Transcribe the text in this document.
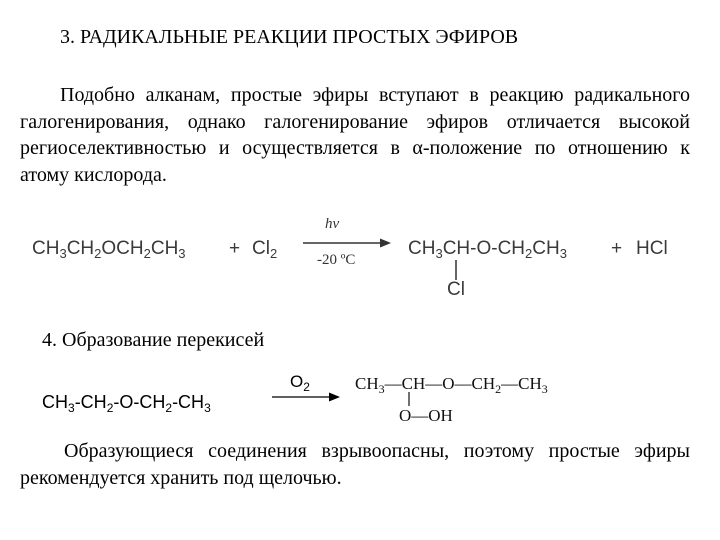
3. РАДИКАЛЬНЫЕ РЕАКЦИИ ПРОСТЫХ ЭФИРОВ

Подобно алканам, простые эфиры вступают в реакцию радикального галогенирования, однако галогенирование эфиров отличается высокой региоселективностью и осуществляется в α-положение по отношению к атому кислорода.

$CH_3CH_2OCH_2CH_3 + Cl_2$
hν
-20 ºC
$CH_3CH-O-CH_2CH_3$
Cl
+ HCl
4. Образование перекисей
$CH_3-CH_2-O-CH_2-CH_3$
$O_2$	$CH_3—CH—O—CH_2—CH_3$
O—OH

Образующиеся соединения взрывоопасны, поэтому простые эфиры рекомендуется хранить под щелочью.
